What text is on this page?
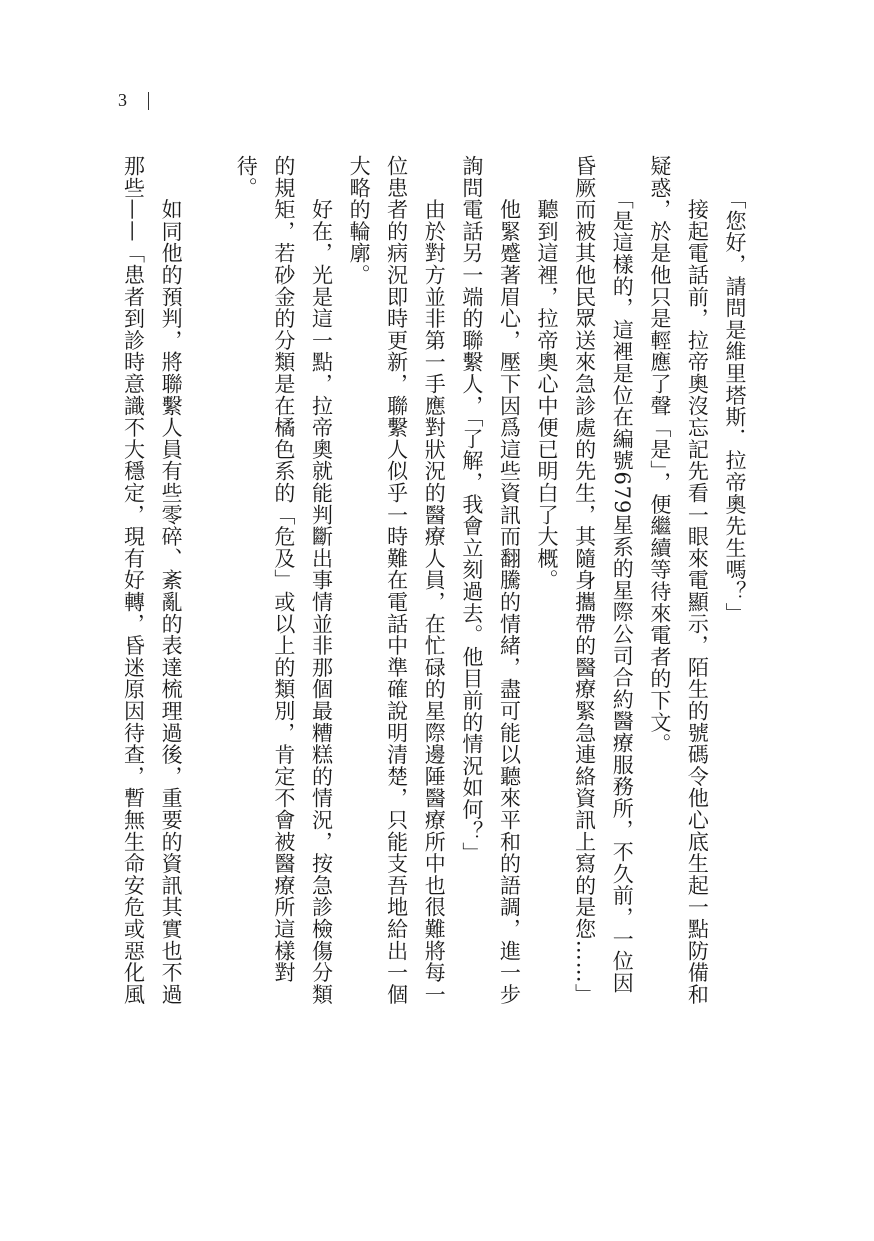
3
　　「您好，請問是維里塔斯．拉帝奧先生嗎？」
　　接起電話前，拉帝奧沒忘記先看一眼來電顯示，陌生的號碼令他心底生起一點防備和
疑惑，於是他只是輕應了聲「是」，便繼續等待來電者的下文。
　　「是這樣的，這裡是位在編號679星系的星際公司合約醫療服務所，不久前，一位因
昏厥而被其他民眾送來急診處的先生，其隨身攜帶的醫療緊急連絡資訊上寫的是您……」
　　聽到這裡，拉帝奧心中便已明白了大概。
　　他緊蹙著眉心，壓下因爲這些資訊而翻騰的情緒，盡可能以聽來平和的語調，進一步
詢問電話另一端的聯繫人，「了解，我會立刻過去。他目前的情況如何？」
　　由於對方並非第一手應對狀況的醫療人員，在忙碌的星際邊陲醫療所中也很難將每一
位患者的病況即時更新，聯繫人似乎一時難在電話中準確說明清楚，只能支吾地給出一個
大略的輪廓。
　　好在，光是這一點，拉帝奧就能判斷出事情並非那個最糟糕的情況，按急診檢傷分類
的規矩，若砂金的分類是在橘色系的「危及」或以上的類別，肯定不會被醫療所這樣對
待。

　　如同他的預判，將聯繫人員有些零碎、紊亂的表達梳理過後，重要的資訊其實也不過
那些——「患者到診時意識不大穩定，現有好轉，昏迷原因待查，暫無生命安危或惡化風
